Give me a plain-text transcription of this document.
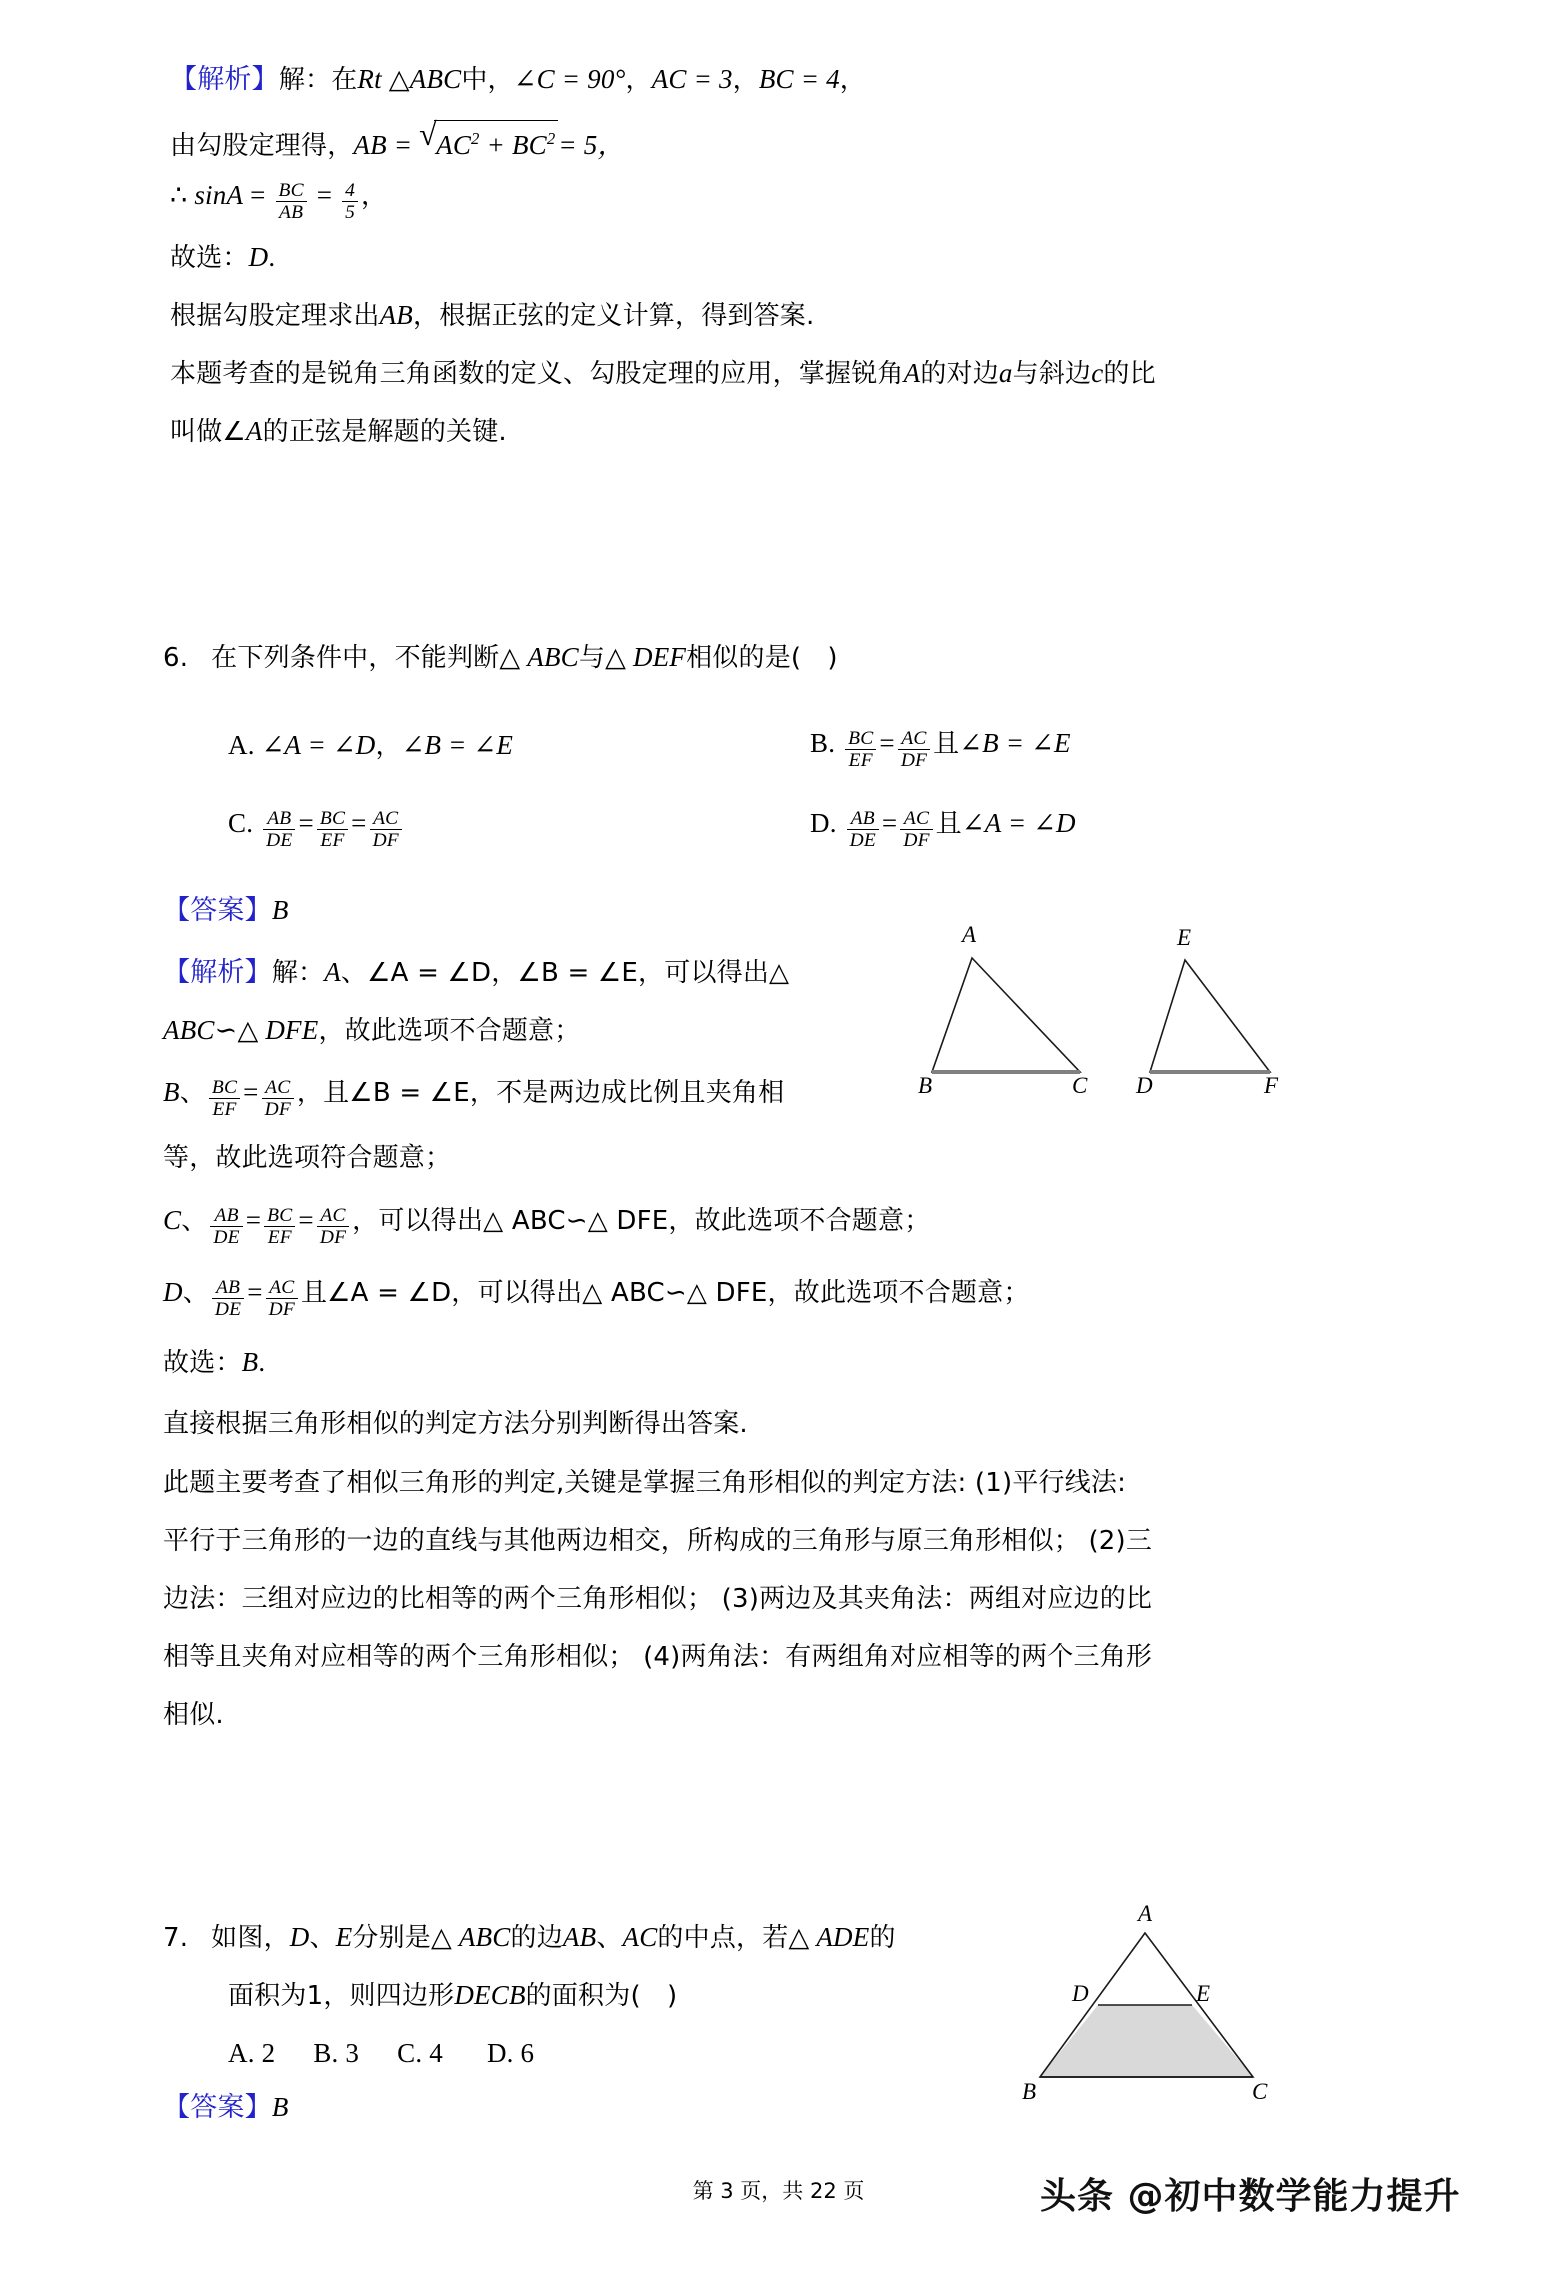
【解析】解：在Rt △ABC中，∠C = 90°，AC = 3，BC = 4，
由勾股定理得，AB = √ $AC^2 + BC^2 = 5$，
∴ $\sin A = \frac{BC}{AB} = \frac{4}{5}$ ，
故选：D.
根据勾股定理求出AB，根据正弦的定义计算，得到答案.
本题考查的是锐角三角函数的定义、勾股定理的应用，掌握锐角A的对边a与斜边c的比
叫做∠A的正弦是解题的关键.
6. 在下列条件中，不能判断△ ABC与△ DEF相似的是(　)
A. ∠A = ∠D，∠B = ∠E	B. $\frac{BC}{EF} = \frac{AC}{DF}$ 且∠B = ∠E
C. $\frac{AB}{DE} = \frac{BC}{EF} = \frac{AC}{DF}$	D. $\frac{AB}{DE} = \frac{AC}{DF}$ 且∠A = ∠D
【答案】B
【解析】解：A、∠A = ∠D，∠B = ∠E，可以得出△
ABC∽△ DFE，故此选项不合题意；
B、 $\frac{BC}{EF} = \frac{AC}{DF}$ ，且∠B = ∠E，不是两边成比例且夹角相
等，故此选项符合题意；
C、 $\frac{AB}{DE} = \frac{BC}{EF} = \frac{AC}{DF}$ ，可以得出△ ABC∽△ DFE，故此选项不合题意；
D、 $\frac{AB}{DE} = \frac{AC}{DF}$ 且∠A = ∠D，可以得出△ ABC∽△ DFE，故此选项不合题意；
故选：B.
直接根据三角形相似的判定方法分别判断得出答案.
此题主要考查了相似三角形的判定,关键是掌握三角形相似的判定方法: (1)平行线法:
平行于三角形的一边的直线与其他两边相交，所构成的三角形与原三角形相似； (2)三
边法：三组对应边的比相等的两个三角形相似； (3)两边及其夹角法：两组对应边的比
相等且夹角对应相等的两个三角形相似； (4)两角法：有两组角对应相等的两个三角形
相似.
A
B	C
E
D	F
7. 如图，D、E分别是△ ABC的边AB、AC的中点，若△ ADE的
面积为1，则四边形DECB的面积为(　)
A. 2 B. 3 C. 4 D. 6
【答案】B
A
D	E
B	C
第 3 页，共 22 页	头条 @初中数学能力提升
